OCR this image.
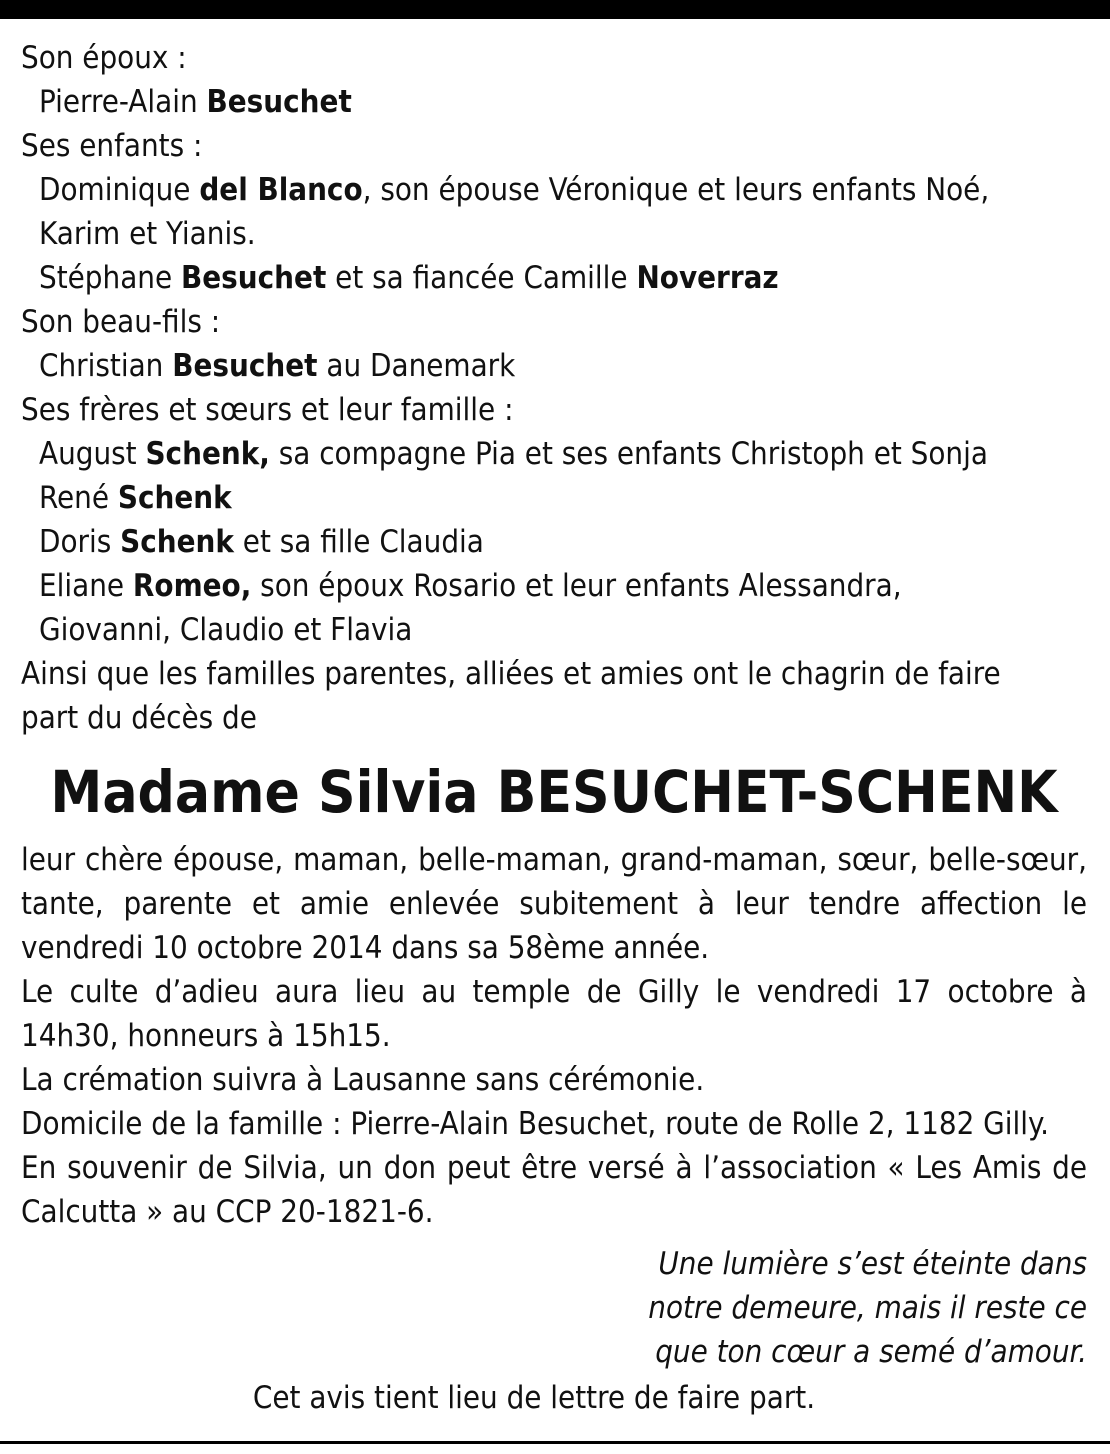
Son époux :
Pierre-Alain Besuchet
Ses enfants :
Dominique del Blanco, son épouse Véronique et leurs enfants Noé,
Karim et Yianis.
Stéphane Besuchet et sa fiancée Camille Noverraz
Son beau-fils :
Christian Besuchet au Danemark
Ses frères et sœurs et leur famille :
August Schenk, sa compagne Pia et ses enfants Christoph et Sonja
René Schenk
Doris Schenk et sa fille Claudia
Eliane Romeo, son époux Rosario et leur enfants Alessandra,
Giovanni, Claudio et Flavia
Ainsi que les familles parentes, alliées et amies ont le chagrin de faire
part du décès de
Madame Silvia BESUCHET-SCHENK
leur chère épouse, maman, belle-maman, grand-maman, sœur, belle-sœur, tante, parente et amie enlevée subitement à leur tendre affection le vendredi 10 octobre 2014 dans sa 58ème année.
Le culte d’adieu aura lieu au temple de Gilly le vendredi 17 octobre à 14h30, honneurs à 15h15.
La crémation suivra à Lausanne sans cérémonie.
Domicile de la famille : Pierre-Alain Besuchet, route de Rolle 2, 1182 Gilly.
En souvenir de Silvia, un don peut être versé à l’association « Les Amis de Calcutta » au CCP 20-1821-6.
Une lumière s’est éteinte dans
notre demeure, mais il reste ce
que ton cœur a semé d’amour.
Cet avis tient lieu de lettre de faire part.
